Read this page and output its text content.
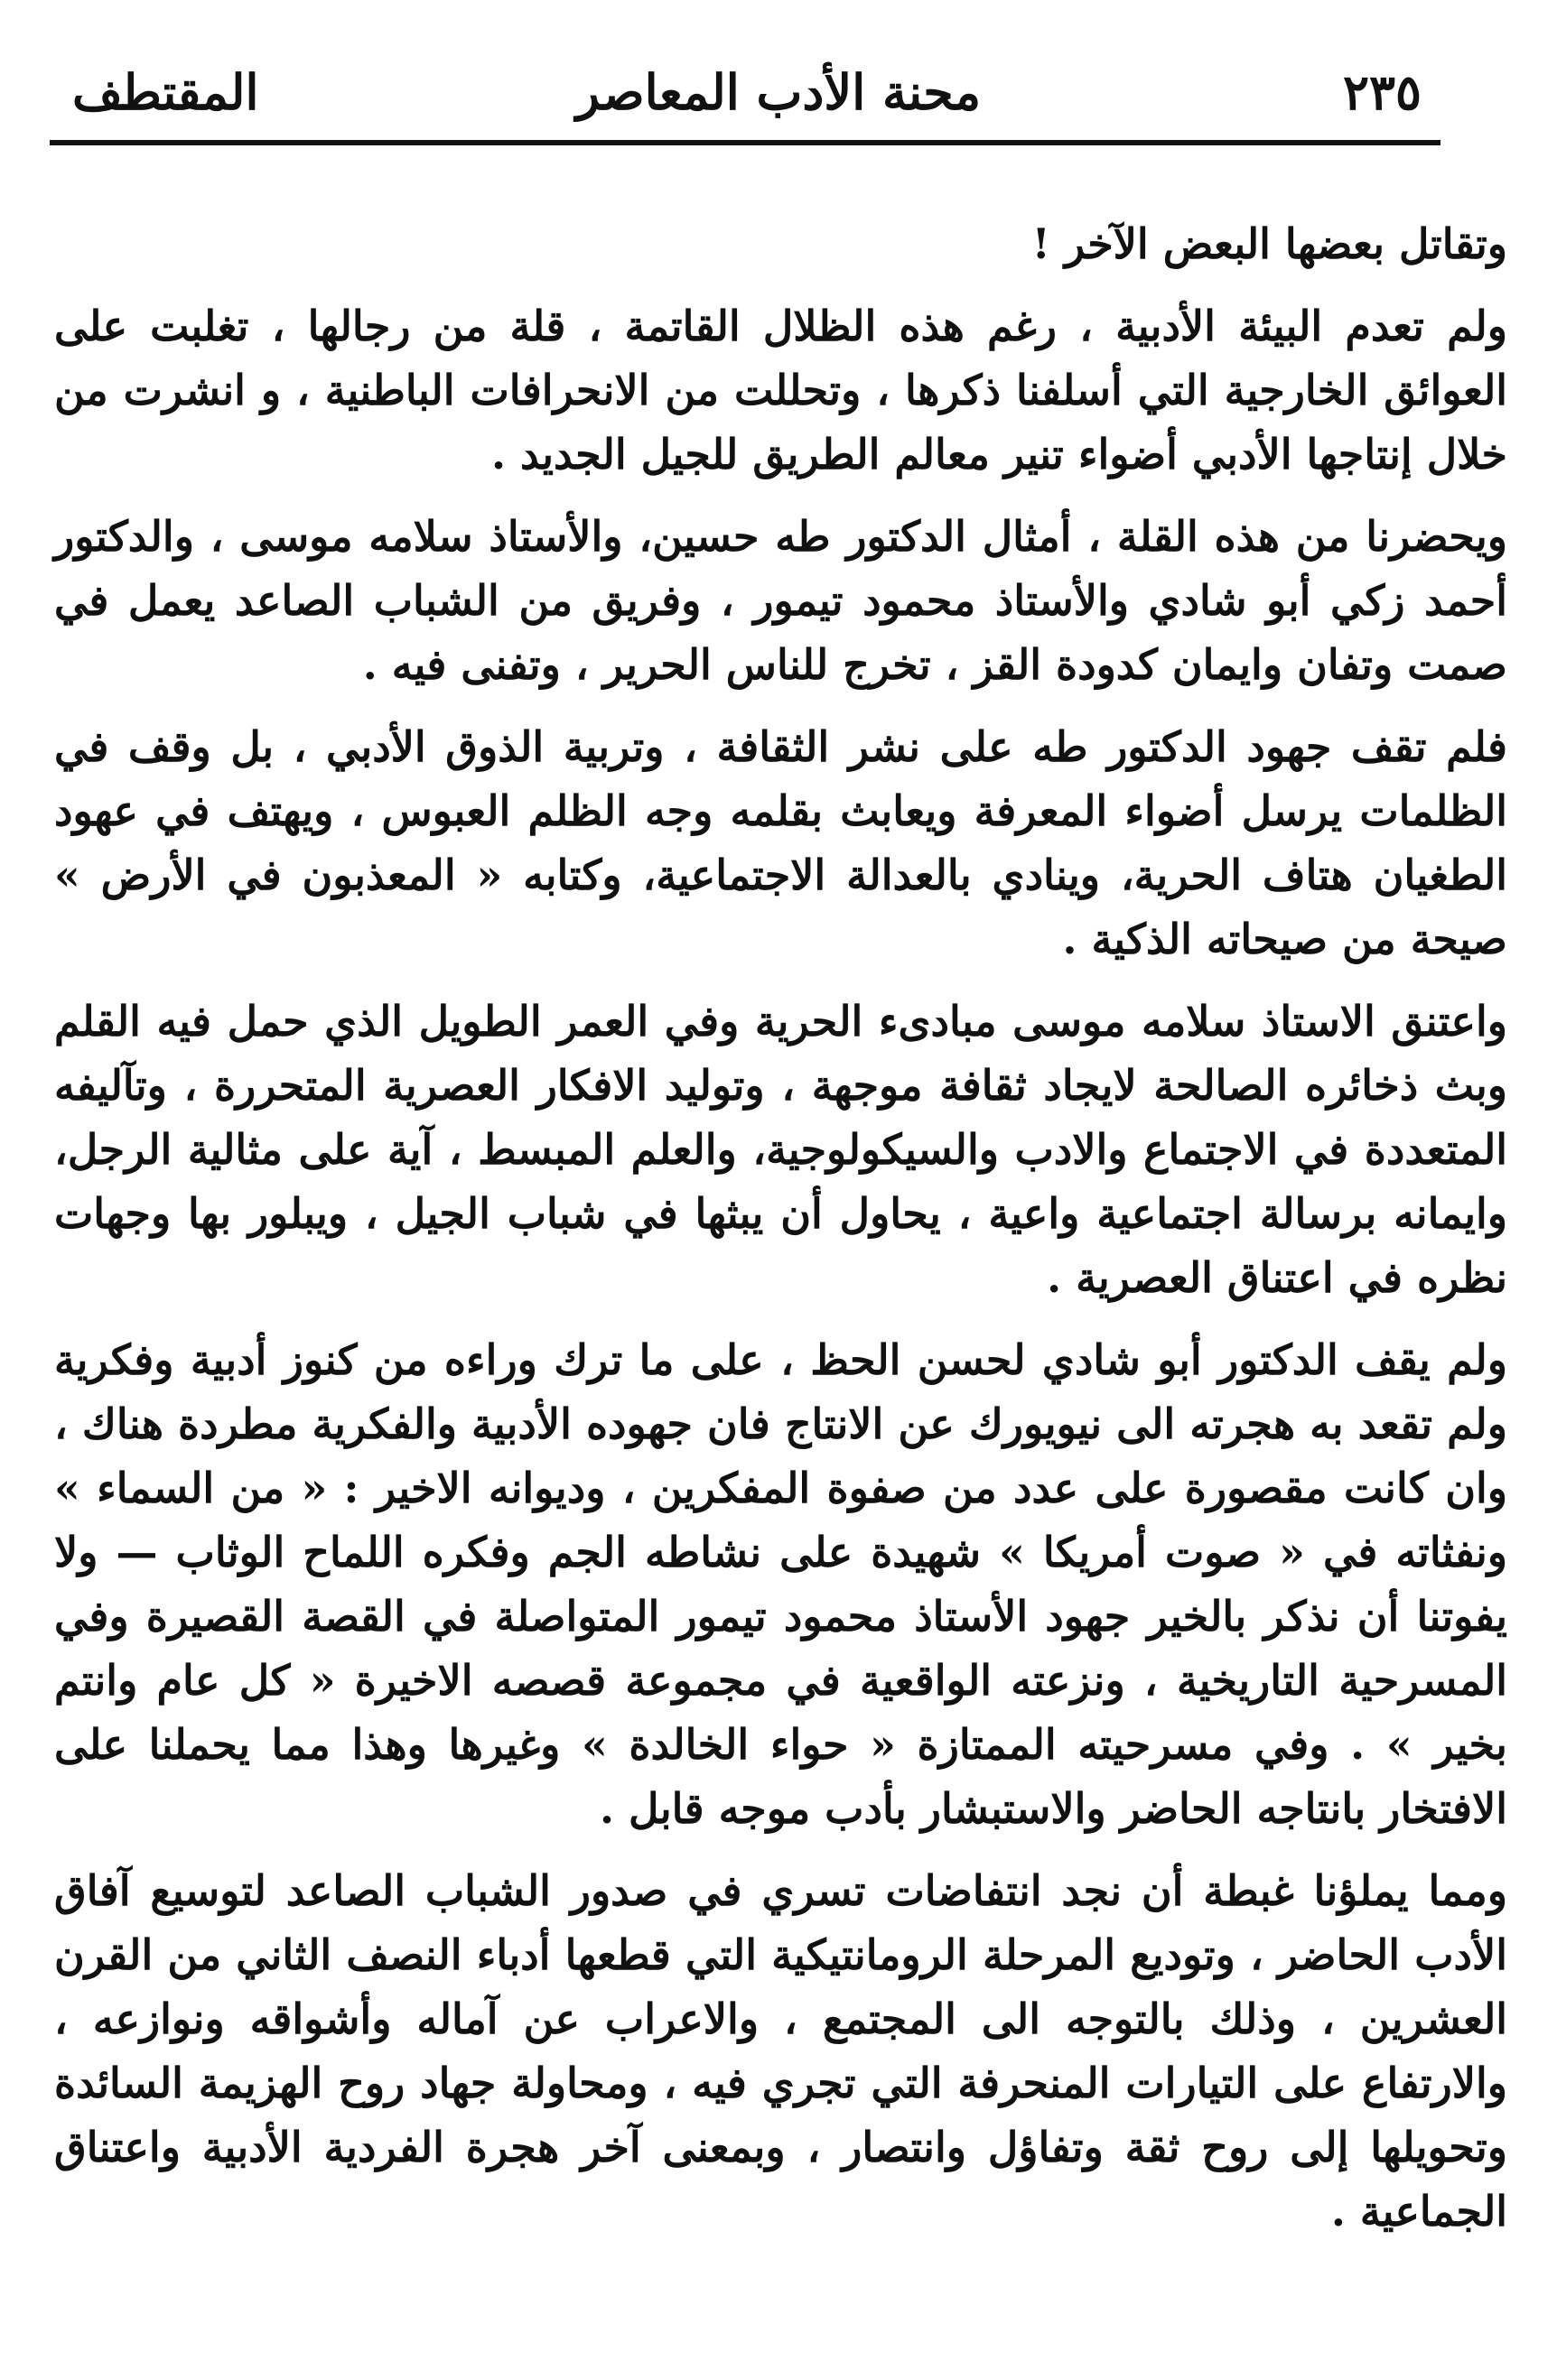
٢٣٥
محنة الأدب المعاصر
المقتطف

وتقاتل بعضها البعض الآخر !

ولم تعدم البيئة الأدبية ، رغم هذه الظلال القاتمة ، قلة من رجالها ، تغلبت على العوائق الخارجية التي أسلفنا ذكرها ، وتحللت من الانحرافات الباطنية ، و انشرت من خلال إنتاجها الأدبي أضواء تنير معالم الطريق للجيل الجديد .

ويحضرنا من هذه القلة ، أمثال الدكتور طه حسين، والأستاذ سلامه موسى ، والدكتور أحمد زكي أبو شادي والأستاذ محمود تيمور ، وفريق من الشباب الصاعد يعمل في صمت وتفان وايمان كدودة القز ، تخرج للناس الحرير ، وتفنى فيه .

فلم تقف جهود الدكتور طه على نشر الثقافة ، وتربية الذوق الأدبي ، بل وقف في الظلمات يرسل أضواء المعرفة ويعابث بقلمه وجه الظلم العبوس ، ويهتف في عهود الطغيان هتاف الحرية، وينادي بالعدالة الاجتماعية، وكتابه « المعذبون في الأرض » صيحة من صيحاته الذكية .

واعتنق الاستاذ سلامه موسى مبادىء الحرية وفي العمر الطويل الذي حمل فيه القلم وبث ذخائره الصالحة لايجاد ثقافة موجهة ، وتوليد الافكار العصرية المتحررة ، وتآليفه المتعددة في الاجتماع والادب والسيكولوجية، والعلم المبسط ، آية على مثالية الرجل، وايمانه برسالة اجتماعية واعية ، يحاول أن يبثها في شباب الجيل ، ويبلور بها وجهات نظره في اعتناق العصرية .

ولم يقف الدكتور أبو شادي لحسن الحظ ، على ما ترك وراءه من كنوز أدبية وفكرية ولم تقعد به هجرته الى نيويورك عن الانتاج فان جهوده الأدبية والفكرية مطردة هناك ، وان كانت مقصورة على عدد من صفوة المفكرين ، وديوانه الاخير : « من السماء » ونفثاته في « صوت أمريكا » شهيدة على نشاطه الجم وفكره اللماح الوثاب — ولا يفوتنا أن نذكر بالخير جهود الأستاذ محمود تيمور المتواصلة في القصة القصيرة وفي المسرحية التاريخية ، ونزعته الواقعية في مجموعة قصصه الاخيرة « كل عام وانتم بخير » . وفي مسرحيته الممتازة « حواء الخالدة » وغيرها وهذا مما يحملنا على الافتخار بانتاجه الحاضر والاستبشار بأدب موجه قابل .

ومما يملؤنا غبطة أن نجد انتفاضات تسري في صدور الشباب الصاعد لتوسيع آفاق الأدب الحاضر ، وتوديع المرحلة الرومانتيكية التي قطعها أدباء النصف الثاني من القرن العشرين ، وذلك بالتوجه الى المجتمع ، والاعراب عن آماله وأشواقه ونوازعه ، والارتفاع على التيارات المنحرفة التي تجري فيه ، ومحاولة جهاد روح الهزيمة السائدة وتحويلها إلى روح ثقة وتفاؤل وانتصار ، وبمعنى آخر هجرة الفردية الأدبية واعتناق الجماعية .
